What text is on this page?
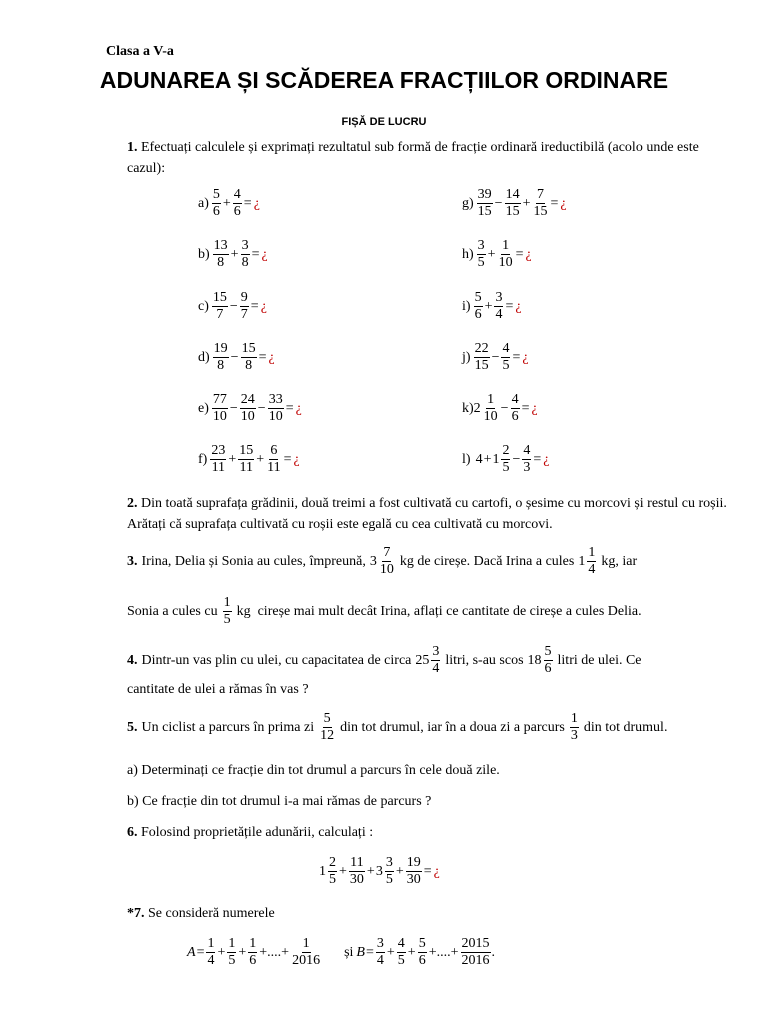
Clasa a V-a
ADUNAREA ȘI SCĂDEREA FRACȚIILOR ORDINARE
FIȘĂ DE LUCRU
1. Efectuați calculele și exprimați rezultatul sub formă de fracție ordinară ireductibilă (acolo unde este cazul):
$a) \frac{5}{6} + \frac{4}{6}$ = ¿
$b) \frac{13}{8} + \frac{3}{8}$ = ¿
$c) \frac{15}{7} - \frac{9}{7}$ = ¿
$d) \frac{19}{8} - \frac{15}{8}$ = ¿
$e) \frac{77}{10} - \frac{24}{10} - \frac{33}{10}$ = ¿
$f) \frac{23}{11} + \frac{15}{11} + \frac{6}{11}$ = ¿
$g) \frac{39}{15} - \frac{14}{15} + \frac{7}{15}$ = ¿
$h) \frac{3}{5} + \frac{1}{10}$ = ¿
$i) \frac{5}{6} + \frac{3}{4}$ = ¿
$j) \frac{22}{15} - \frac{4}{5}$ = ¿
k) $2 \frac{1}{10} - \frac{4}{6}$ = ¿
l) $4 + 1 \frac{2}{5} - \frac{4}{3}$ = ¿
2. Din toată suprafața grădinii, două treimi a fost cultivată cu cartofi, o șesime cu morcovi și restul cu roșii. Arătați că suprafața cultivată cu roșii este egală cu cea cultivată cu morcovi.
3. Irina, Delia și Sonia au cules, împreună, $3 \frac{7}{10}$ kg de cireșe. Dacă Irina a cules $1 \frac{1}{4}$ kg, iar
Sonia a cules cu $\frac{1}{5}$ kg  cireșe mai mult decât Irina, aflați ce cantitate de cireșe a cules Delia.
4. Dintr-un vas plin cu ulei, cu capacitatea de circa $25 \frac{3}{4}$ litri, s-au scos $18 \frac{5}{6}$ litri de ulei. Ce
cantitate de ulei a rămas în vas ?
5. Un ciclist a parcurs în prima zi $\frac{5}{12}$ din tot drumul, iar în a doua zi a parcurs $\frac{1}{3}$ din tot drumul.
a) Determinați ce fracție din tot drumul a parcurs în cele două zile.
b) Ce fracție din tot drumul i-a mai rămas de parcurs ?
6. Folosind proprietățile adunării, calculați :
$1 \frac{2}{5} + \frac{11}{30} + 3 \frac{3}{5} + \frac{19}{30}$ = ¿
*7. Se consideră numerele
$A = \frac{1}{4} + \frac{1}{5} + \frac{1}{6}$ +....+ $\frac{1}{2016}$ și $B = \frac{3}{4} + \frac{4}{5} + \frac{5}{6}$ +....+ $\frac{2015}{2016}$ .
